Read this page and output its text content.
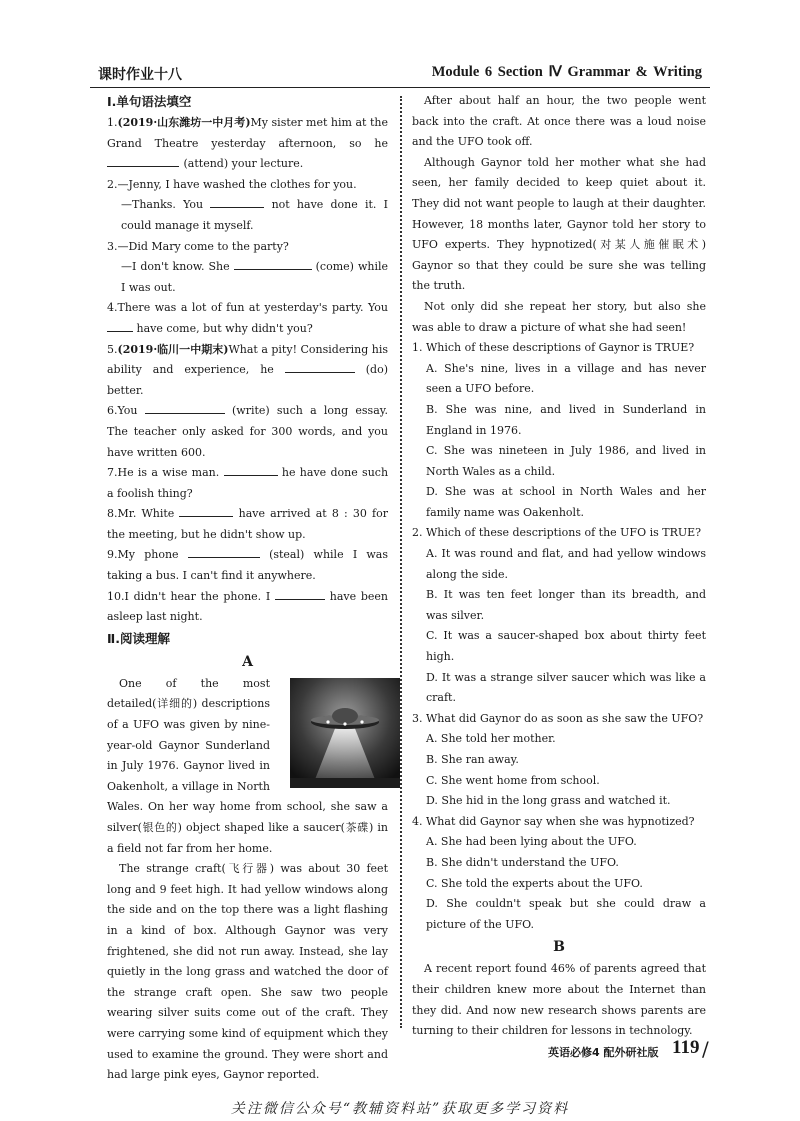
课时作业十八	Module 6 Section Ⅳ Grammar & Writing
Ⅰ.单句语法填空
1.(2019·山东潍坊一中月考)My sister met him at the Grand Theatre yesterday afternoon, so he  (attend) your lecture.
2.—Jenny, I have washed the clothes for you.
—Thanks. You	not have done it. I could manage it myself.
3.—Did Mary come to the party?
—I don't know. She	(come) while I was out.
4.There was a lot of fun at yesterday's party. You  have come, but why didn't you?
5.(2019·临川一中期末)What a pity! Considering his ability and experience, he	(do) better.
6.You	(write) such a long essay. The teacher only asked for 300 words, and you have written 600.
7.He is a wise man.	he have done such a foolish thing?
8.Mr. White	have arrived at 8 : 30 for the meeting, but he didn't show up.
9.My phone	(steal) while I was taking a bus. I can't find it anywhere.
10.I didn't hear the phone. I	have been asleep last night.
Ⅱ.阅读理解
A
One of the most detailed(详细的) descriptions of a UFO was given by nine-year-old Gaynor Sunderland in July 1976. Gaynor lived in Oakenholt, a village in North Wales. On her way home from school, she saw a silver(银色的) object shaped like a saucer(茶碟) in a field not far from her home.
The strange craft(飞行器) was about 30 feet long and 9 feet high. It had yellow windows along the side and on the top there was a light flashing in a kind of box. Although Gaynor was very frightened, she did not run away. Instead, she lay quietly in the long grass and watched the door of the strange craft open. She saw two people wearing silver suits come out of the craft. They were carrying some kind of equipment which they used to examine the ground. They were short and had large pink eyes, Gaynor reported.
After about half an hour, the two people went back into the craft. At once there was a loud noise and the UFO took off.
Although Gaynor told her mother what she had seen, her family decided to keep quiet about it. They did not want people to laugh at their daughter. However, 18 months later, Gaynor told her story to UFO experts. They hypnotized(对某人施催眠术) Gaynor so that they could be sure she was telling the truth.
Not only did she repeat her story, but also she was able to draw a picture of what she had seen!
1. Which of these descriptions of Gaynor is TRUE?
A. She's nine, lives in a village and has never seen a UFO before.
B. She was nine, and lived in Sunderland in England in 1976.
C. She was nineteen in July 1986, and lived in North Wales as a child.
D. She was at school in North Wales and her family name was Oakenholt.
2. Which of these descriptions of the UFO is TRUE?
A. It was round and flat, and had yellow windows along the side.
B. It was ten feet longer than its breadth, and was silver.
C. It was a saucer-shaped box about thirty feet high.
D. It was a strange silver saucer which was like a craft.
3. What did Gaynor do as soon as she saw the UFO?
A. She told her mother.
B. She ran away.
C. She went home from school.
D. She hid in the long grass and watched it.
4. What did Gaynor say when she was hypnotized?
A. She had been lying about the UFO.
B. She didn't understand the UFO.
C. She told the experts about the UFO.
D. She couldn't speak but she could draw a picture of the UFO.
B
A recent report found 46% of parents agreed that their children knew more about the Internet than they did. And now new research shows parents are turning to their children for lessons in technology.
英语必修4 配外研社版 119 /
关注微信公众号“教辅资料站”获取更多学习资料
